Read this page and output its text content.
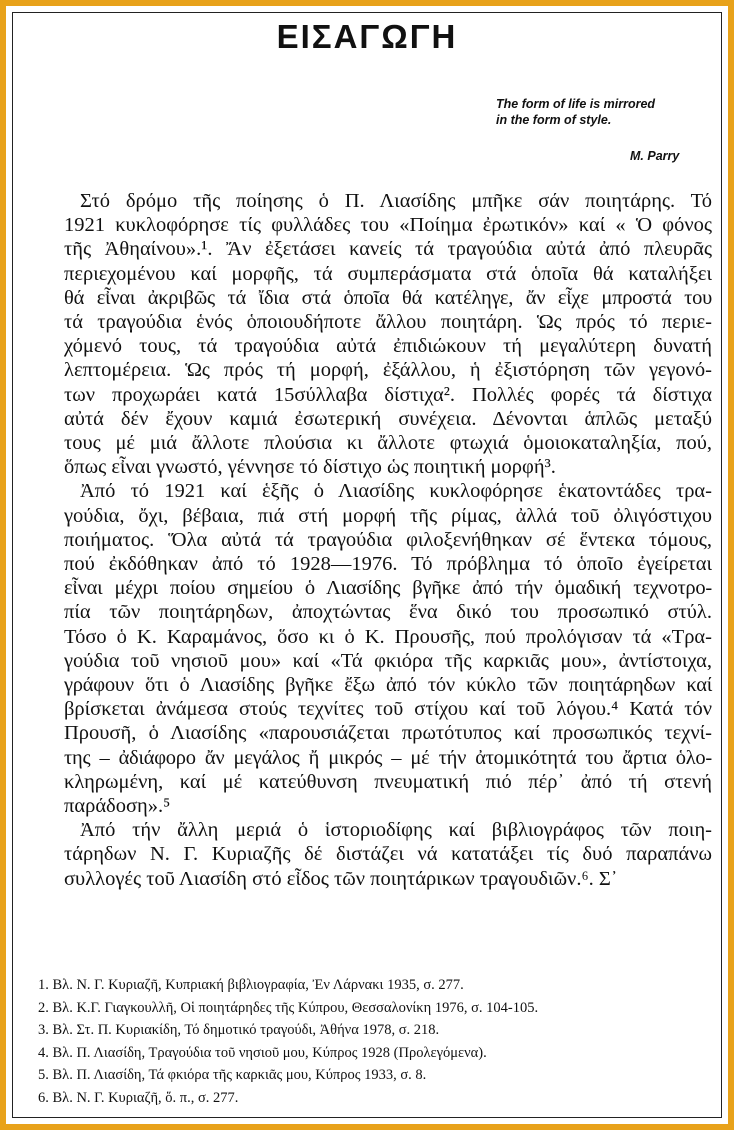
ΕΙΣΑΓΩΓΗ
The form of life is mirrored
in the form of style.
M. Parry
Στό δρόμο τῆς ποίησης ὁ Π. Λιασίδης μπῆκε σάν ποιητάρης. Τό
1921 κυκλοφόρησε τίς φυλλάδες του «Ποίημα ἐρωτικόν» καί « Ὁ φόνος
τῆς Ἀθηαίνου».¹. Ἄν ἐξετάσει κανείς τά τραγούδια αὐτά ἀπό πλευρᾶς
περιεχομένου καί μορφῆς, τά συμπεράσματα στά ὁποῖα θά καταλήξει
θά εἶναι ἀκριβῶς τά ἴδια στά ὁποῖα θά κατέληγε, ἄν εἶχε μπροστά του
τά τραγούδια ἑνός ὁποιουδήποτε ἄλλου ποιητάρη. Ὡς πρός τό περιε-
χόμενό τους, τά τραγούδια αὐτά ἐπιδιώκουν τή μεγαλύτερη δυνατή
λεπτομέρεια. Ὡς πρός τή μορφή, ἐξάλλου, ἡ ἐξιστόρηση τῶν γεγονό-
των προχωράει κατά 15σύλλαβα δίστιχα². Πολλές φορές τά δίστιχα
αὐτά δέν ἔχουν καμιά ἐσωτερική συνέχεια. Δένονται ἁπλῶς μεταξύ
τους μέ μιά ἄλλοτε πλούσια κι ἄλλοτε φτωχιά ὁμοιοκαταληξία, πού,
ὅπως εἶναι γνωστό, γέννησε τό δίστιχο ὡς ποιητική μορφή³.
Ἀπό τό 1921 καί ἑξῆς ὁ Λιασίδης κυκλοφόρησε ἑκατοντάδες τρα-
γούδια, ὄχι, βέβαια, πιά στή μορφή τῆς ρίμας, ἀλλά τοῦ ὀλιγόστιχου
ποιήματος. Ὅλα αὐτά τά τραγούδια φιλοξενήθηκαν σέ ἕντεκα τόμους,
πού ἐκδόθηκαν ἀπό τό 1928—1976. Τό πρόβλημα τό ὁποῖο ἐγείρεται
εἶναι μέχρι ποίου σημείου ὁ Λιασίδης βγῆκε ἀπό τήν ὁμαδική τεχνοτρο-
πία τῶν ποιητάρηδων, ἀποχτώντας ἕνα δικό του προσωπικό στύλ.
Τόσο ὁ Κ. Καραμάνος, ὅσο κι ὁ Κ. Προυσῆς, πού προλόγισαν τά «Τρα-
γούδια τοῦ νησιοῦ μου» καί «Τά φκιόρα τῆς καρκιᾶς μου», ἀντίστοιχα,
γράφουν ὅτι ὁ Λιασίδης βγῆκε ἔξω ἀπό τόν κύκλο τῶν ποιητάρηδων καί
βρίσκεται ἀνάμεσα στούς τεχνίτες τοῦ στίχου καί τοῦ λόγου.⁴ Κατά τόν
Προυσῆ, ὁ Λιασίδης «παρουσιάζεται πρωτότυπος καί προσωπικός τεχνί-
της – ἀδιάφορο ἄν μεγάλος ἤ μικρός – μέ τήν ἀτομικότητά του ἄρτια ὁλο-
κληρωμένη, καί μέ κατεύθυνση πνευματική πιό πέρ᾽ ἀπό τή στενή
παράδοση».⁵
Ἀπό τήν ἄλλη μεριά ὁ ἱστοριοδίφης καί βιβλιογράφος τῶν ποιη-
τάρηδων Ν. Γ. Κυριαζῆς δέ διστάζει νά κατατάξει τίς δυό παραπάνω
συλλογές τοῦ Λιασίδη στό εἶδος τῶν ποιητάρικων τραγουδιῶν.⁶. Σ᾽
1. Βλ. Ν. Γ. Κυριαζῆ, Κυπριακή βιβλιογραφία, Ἐν Λάρνακι 1935, σ. 277.
2. Βλ. Κ.Γ. Γιαγκουλλῆ, Οἱ ποιητάρηδες τῆς Κύπρου, Θεσσαλονίκη 1976, σ. 104-105.
3. Βλ. Στ. Π. Κυριακίδη, Τό δημοτικό τραγούδι, Ἀθήνα 1978, σ. 218.
4. Βλ. Π. Λιασίδη, Τραγούδια τοῦ νησιοῦ μου, Κύπρος 1928 (Προλεγόμενα).
5. Βλ. Π. Λιασίδη, Τά φκιόρα τῆς καρκιᾶς μου, Κύπρος 1933, σ. 8.
6. Βλ. Ν. Γ. Κυριαζῆ, ὅ. π., σ. 277.
